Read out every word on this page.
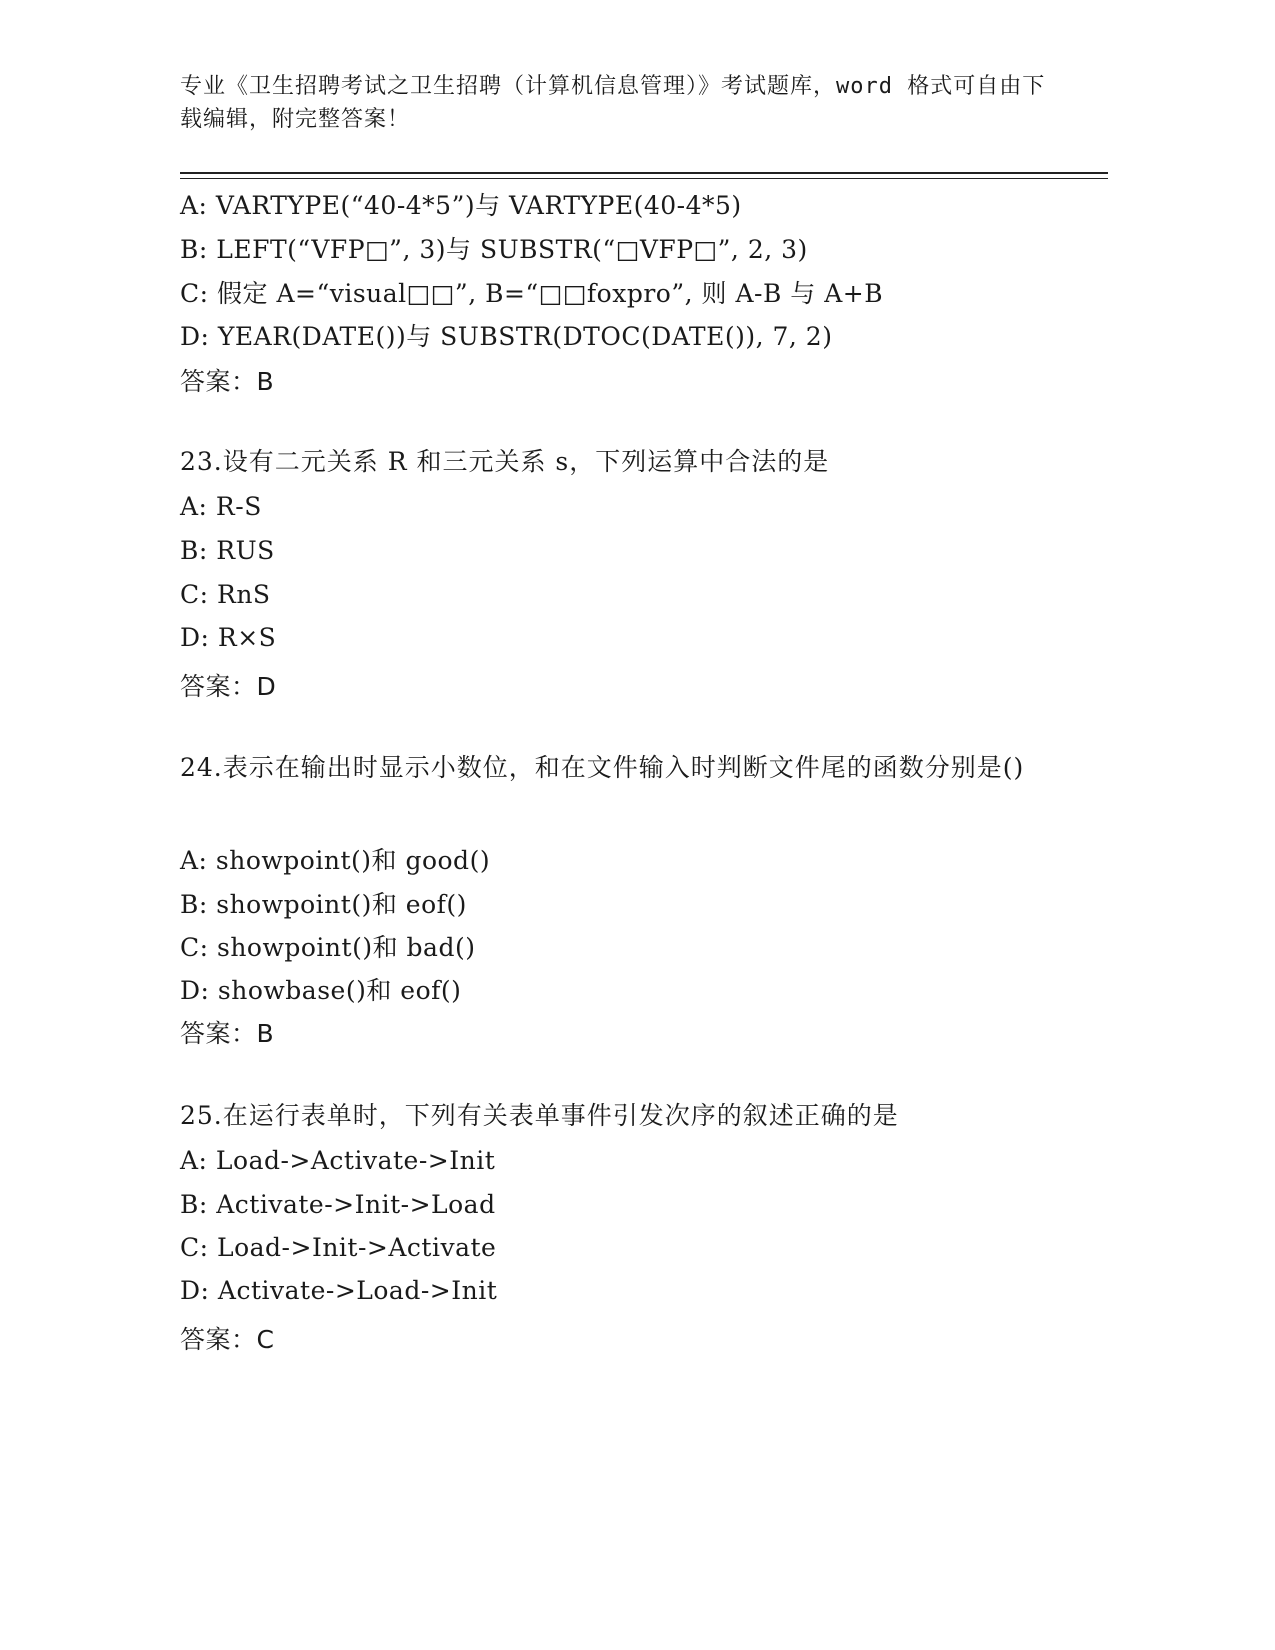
专业《卫生招聘考试之卫生招聘（计算机信息管理）》考试题库，word 格式可自由下载编辑，附完整答案！
A: VARTYPE(“40-4*5”)与 VARTYPE(40-4*5)
B: LEFT(“VFP□”, 3)与 SUBSTR(“□VFP□”, 2, 3)
C: 假定 A=“visual□□”, B=“□□foxpro”, 则 A-B 与 A+B
D: YEAR(DATE())与 SUBSTR(DTOC(DATE()), 7, 2)
答案：B
23.设有二元关系 R 和三元关系 s，下列运算中合法的是
A: R-S
B: RUS
C: RnS
D: R×S
答案：D
24.表示在输出时显示小数位，和在文件输入时判断文件尾的函数分别是()
A: showpoint()和 good()
B: showpoint()和 eof()
C: showpoint()和 bad()
D: showbase()和 eof()
答案：B
25.在运行表单时，下列有关表单事件引发次序的叙述正确的是
A: Load->Activate->Init
B: Activate->Init->Load
C: Load->Init->Activate
D: Activate->Load->Init
答案：C
